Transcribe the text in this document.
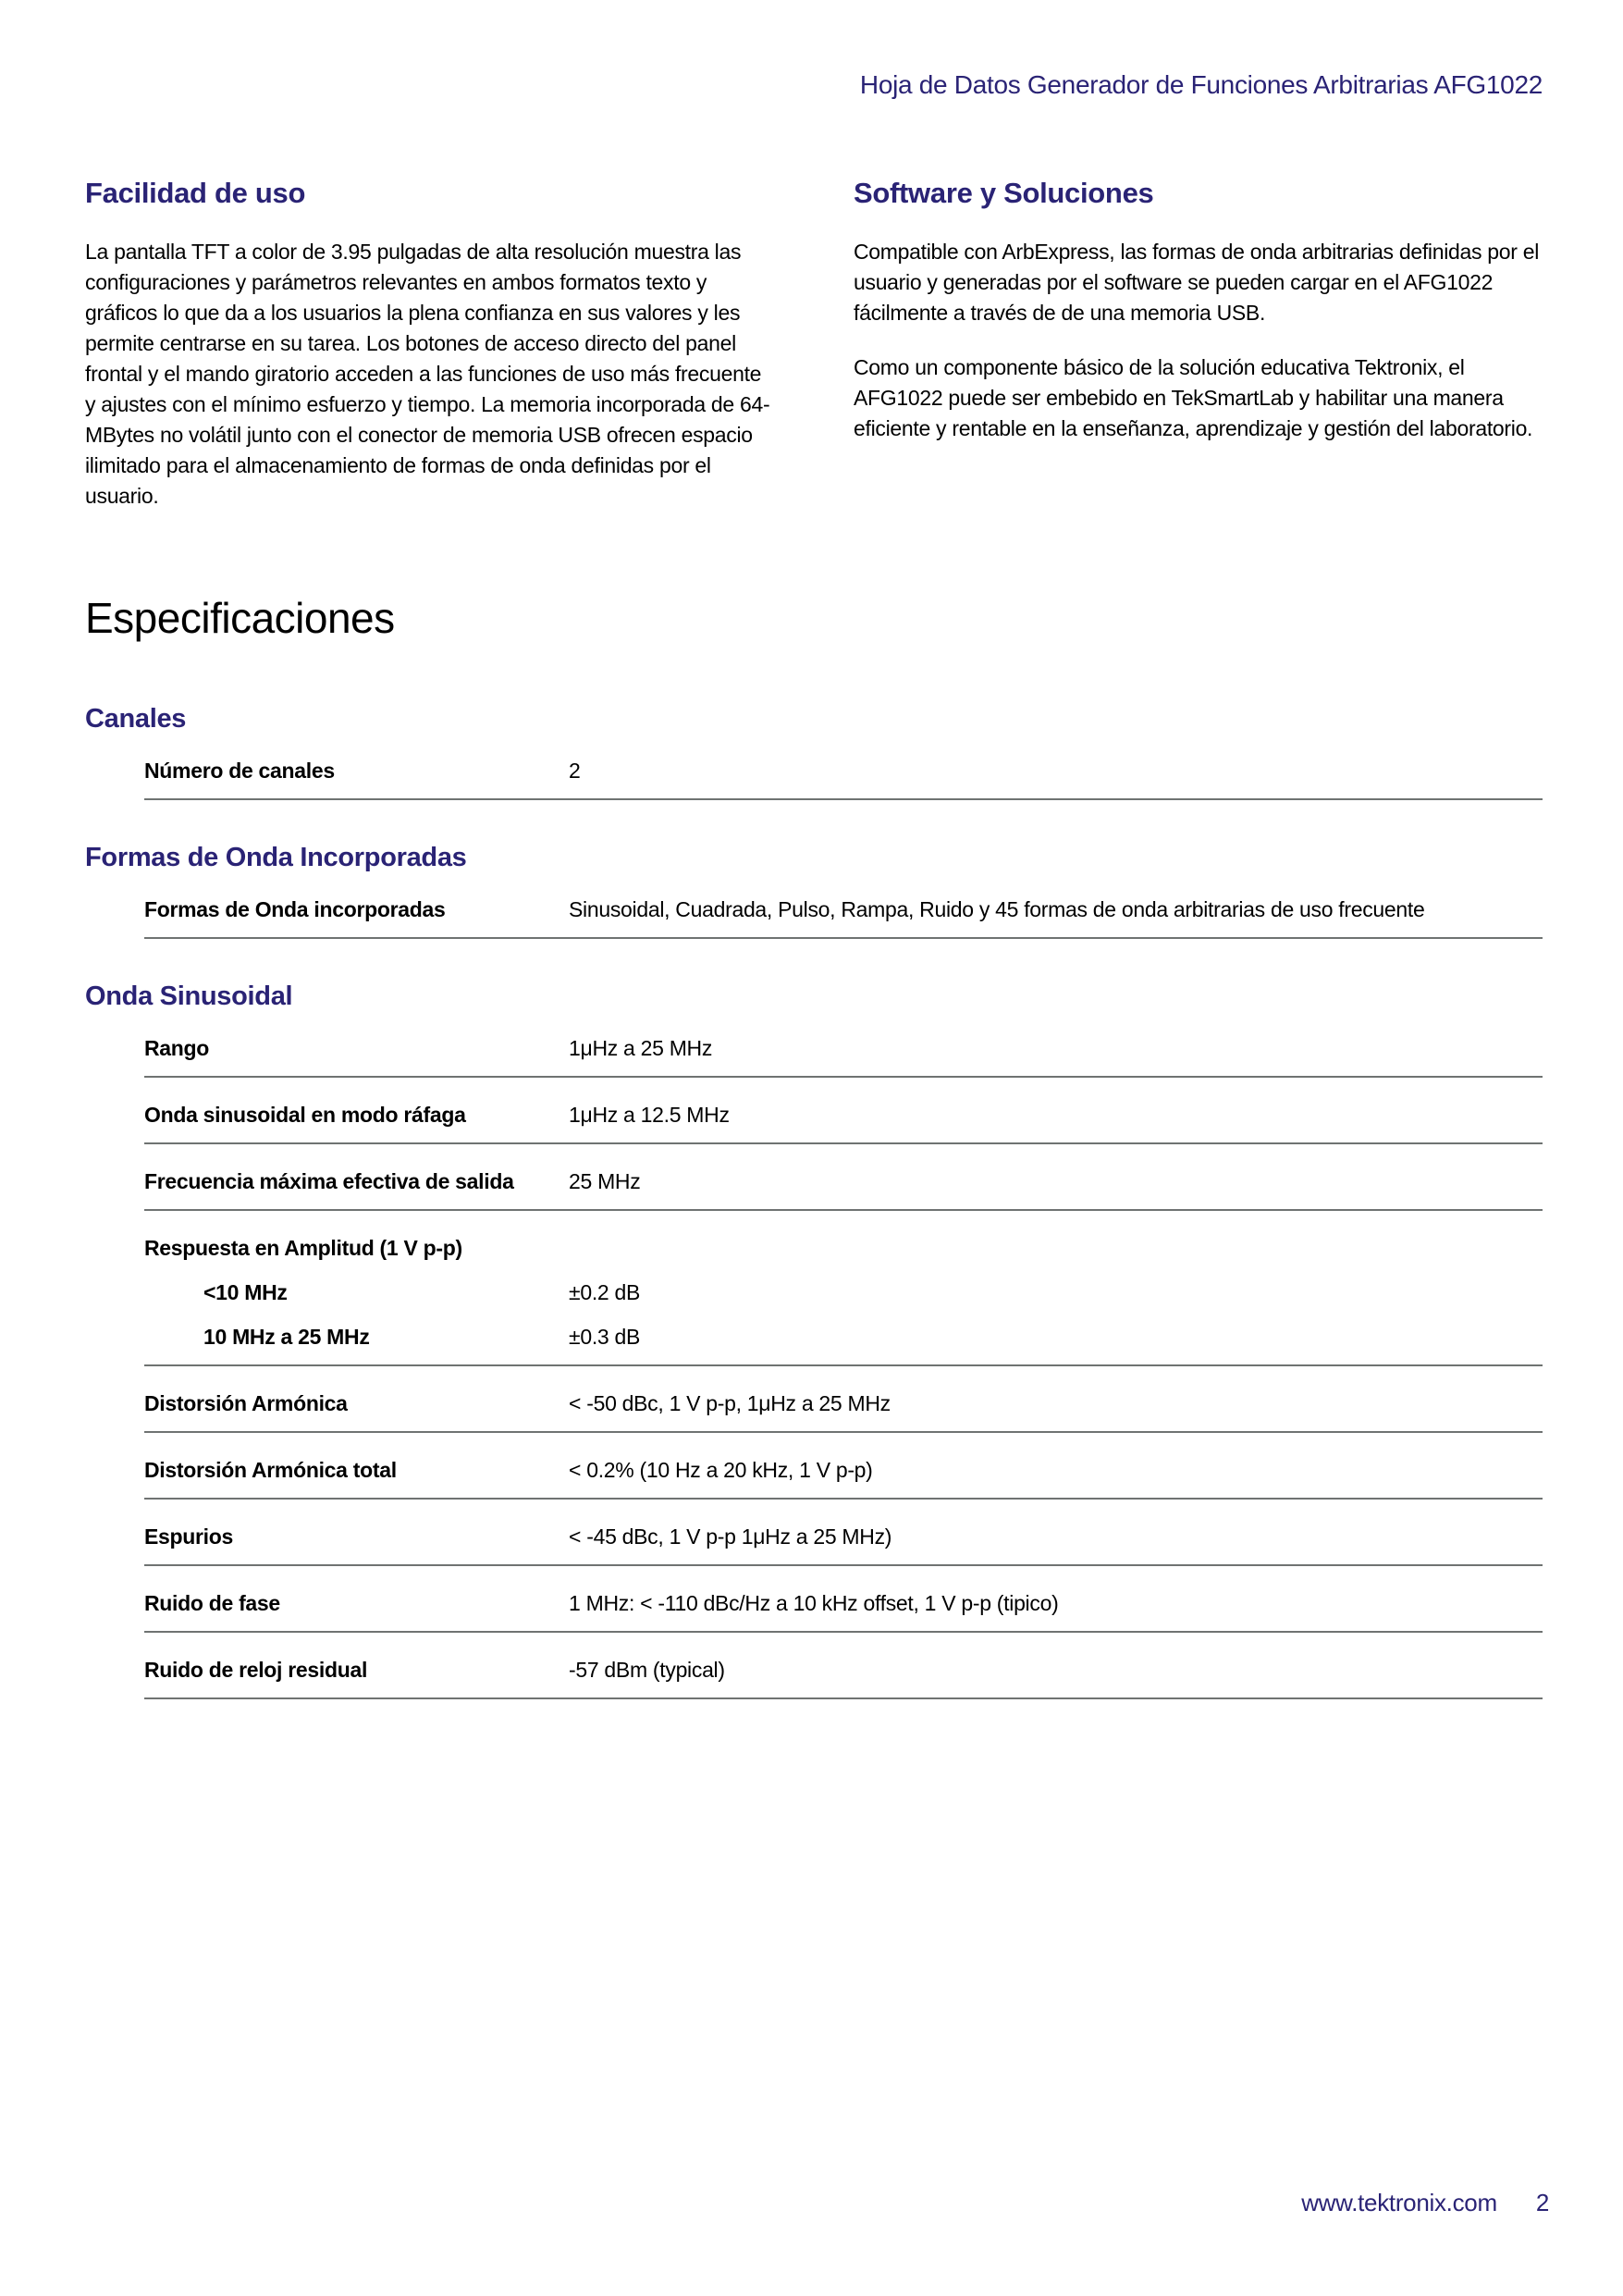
Hoja de Datos Generador de Funciones Arbitrarias AFG1022
Facilidad de uso

La pantalla TFT a color de 3.95 pulgadas de alta resolución muestra las configuraciones y parámetros relevantes en ambos formatos texto y gráficos lo que da a los usuarios la plena confianza en sus valores y les permite centrarse en su tarea. Los botones de acceso directo del panel frontal y el mando giratorio acceden a las funciones de uso más frecuente y ajustes con el mínimo esfuerzo y tiempo. La memoria incorporada de 64-MBytes no volátil junto con el conector de memoria USB ofrecen espacio ilimitado para el almacenamiento de formas de onda definidas por el usuario.

Software y Soluciones

Compatible con ArbExpress, las formas de onda arbitrarias definidas por el usuario y generadas por el software se pueden cargar en el AFG1022 fácilmente a través de de una memoria USB.

Como un componente básico de la solución educativa Tektronix, el AFG1022 puede ser embebido en TekSmartLab y habilitar una manera eficiente y rentable en la enseñanza, aprendizaje y gestión del laboratorio.

Especificaciones
Canales
Número de canales	2
Formas de Onda Incorporadas
Formas de Onda incorporadas	Sinusoidal, Cuadrada, Pulso, Rampa, Ruido y 45 formas de onda arbitrarias de uso frecuente
Onda Sinusoidal
Rango	1μHz a 25 MHz
Onda sinusoidal en modo ráfaga	1μHz a 12.5 MHz
Frecuencia máxima efectiva de salida	25 MHz
Respuesta en Amplitud (1 V p-p)
<10 MHz	±0.2 dB
10 MHz a 25 MHz	±0.3 dB
Distorsión Armónica	< -50 dBc, 1 V p-p, 1μHz a 25 MHz
Distorsión Armónica total	< 0.2% (10 Hz a 20 kHz, 1 V p-p)
Espurios	< -45 dBc, 1 V p-p 1μHz a 25 MHz)
Ruido de fase	1 MHz: < -110 dBc/Hz a 10 kHz offset, 1 V p-p (tipico)
Ruido de reloj residual	-57 dBm (typical)
www.tektronix.com 2
